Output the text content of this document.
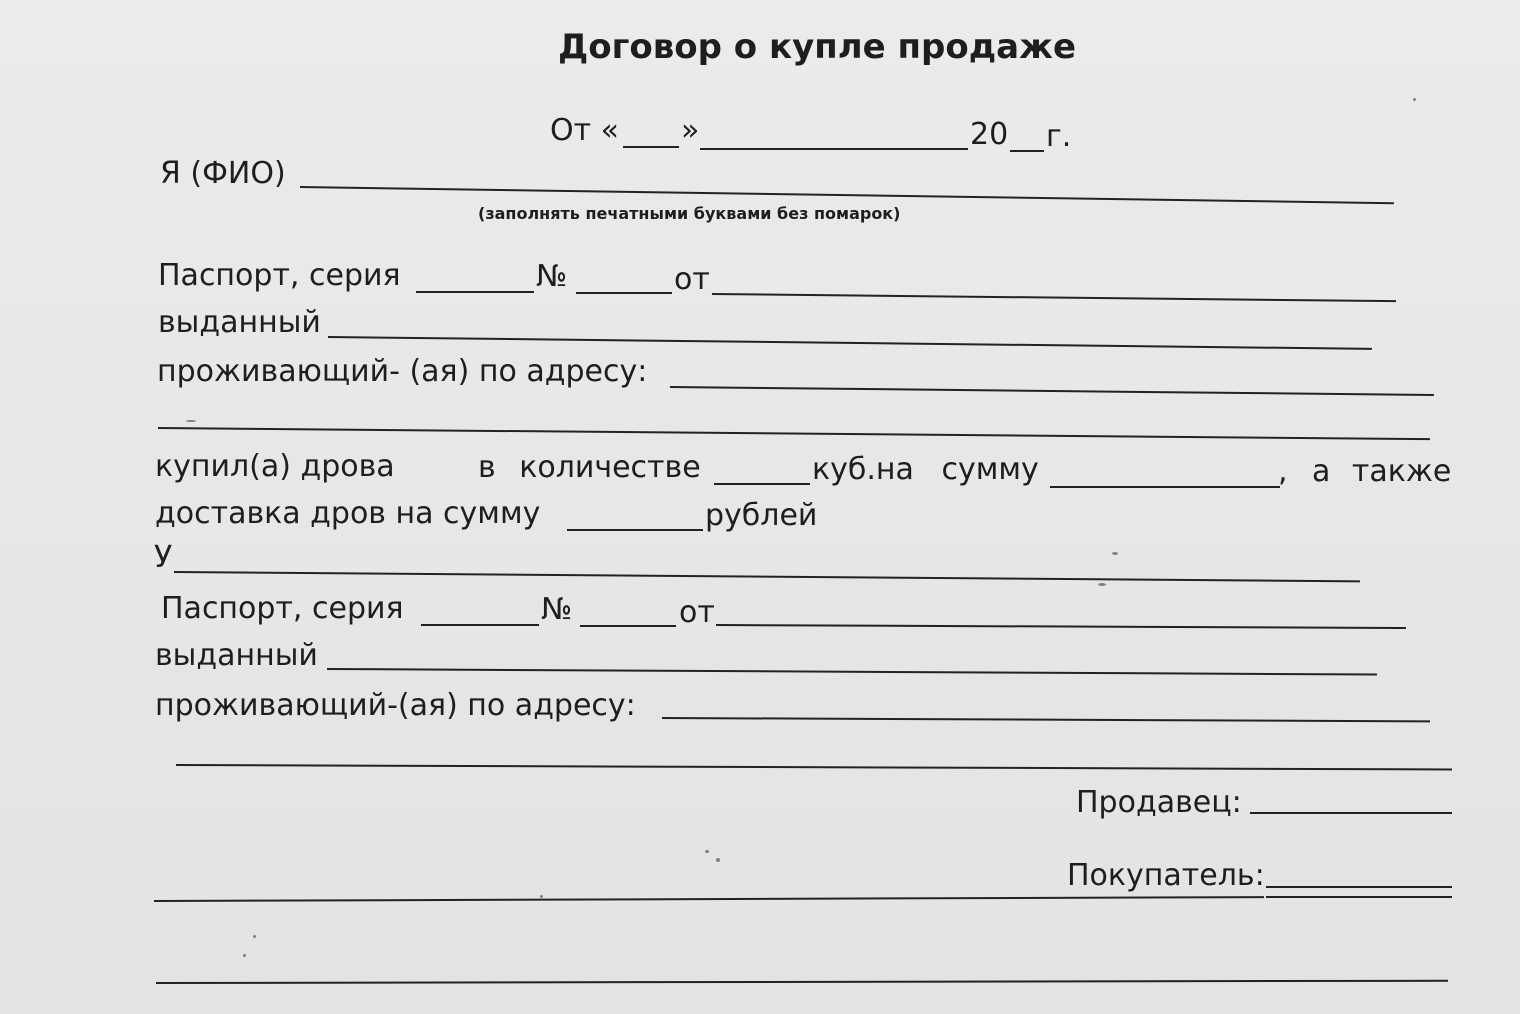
Договор о купле продаже
От « »	20 г.
Я (ФИО)
(заполнять печатными буквами без помарок)
Паспорт, серия	№	от
выданный
проживающий- (ая) по адресу:
купил(а) дрова	в количестве	куб.на сумму	, а также
доставка дров на сумму	рублей
У
Паспорт, серия	№	от
выданный
проживающий-(ая) по адресу:
Продавец:
Покупатель:
